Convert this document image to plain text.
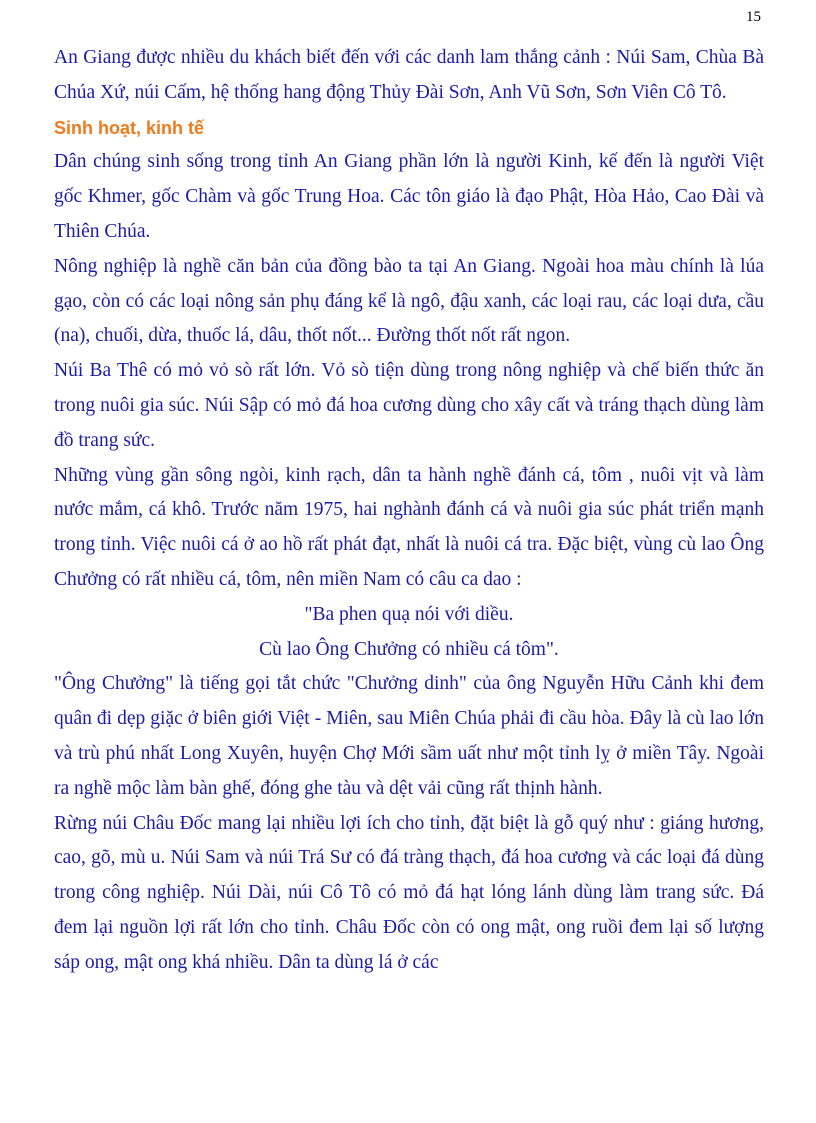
15

An Giang được nhiều du khách biết đến với các danh lam thắng cảnh : Núi Sam, Chùa Bà Chúa Xứ, núi Cấm, hệ thống hang động Thủy Đài Sơn, Anh Vũ Sơn, Sơn Viên Cô Tô.

Sinh hoạt, kinh tế

Dân chúng sinh sống trong tỉnh An Giang phần lớn là người Kinh, kế đến là người Việt gốc Khmer, gốc Chàm và gốc Trung Hoa. Các tôn giáo là đạo Phật, Hòa Hảo, Cao Đài và Thiên Chúa.

Nông nghiệp là nghề căn bản của đồng bào ta tại An Giang. Ngoài hoa màu chính là lúa gạo, còn có các loại nông sản phụ đáng kể là ngô, đậu xanh, các loại rau, các loại dưa, cầu (na), chuối, dừa, thuốc lá, dâu, thốt nốt... Đường thốt nốt rất ngon.

Núi Ba Thê có mỏ vỏ sò rất lớn. Vỏ sò tiện dùng trong nông nghiệp và chế biến thức ăn trong nuôi gia súc. Núi Sập có mỏ đá hoa cương dùng cho xây cất và tráng thạch dùng làm đồ trang sức.

Những vùng gần sông ngòi, kinh rạch, dân ta hành nghề đánh cá, tôm , nuôi vịt và làm nước mắm, cá khô. Trước năm 1975, hai nghành đánh cá và nuôi gia súc phát triển mạnh trong tỉnh. Việc nuôi cá ở ao hồ rất phát đạt, nhất là nuôi cá tra. Đặc biệt, vùng cù lao Ông Chưởng có rất nhiều cá, tôm, nên miền Nam có câu ca dao :

"Ba phen quạ nói với diều.

Cù lao Ông Chưởng có nhiều cá tôm".

"Ông Chưởng" là tiếng gọi tắt chức "Chưởng dinh" của ông Nguyễn Hữu Cảnh khi đem quân đi dẹp giặc ở biên giới Việt - Miên, sau Miên Chúa phải đi cầu hòa. Đây là cù lao lớn và trù phú nhất Long Xuyên, huyện Chợ Mới sầm uất như một tỉnh lỵ ở miền Tây. Ngoài ra nghề mộc làm bàn ghế, đóng ghe tàu và dệt vải cũng rất thịnh hành.

Rừng núi Châu Đốc mang lại nhiều lợi ích cho tỉnh, đặt biệt là gỗ quý như : giáng hương, cao, gõ, mù u. Núi Sam và núi Trá Sư có đá tràng thạch, đá hoa cương và các loại đá dùng trong công nghiệp. Núi Dài, núi Cô Tô có mỏ đá hạt lóng lánh dùng làm trang sức. Đá đem lại nguồn lợi rất lớn cho tỉnh. Châu Đốc còn có ong mật, ong ruồi đem lại số lượng sáp ong, mật ong khá nhiều. Dân ta dùng lá ở các
